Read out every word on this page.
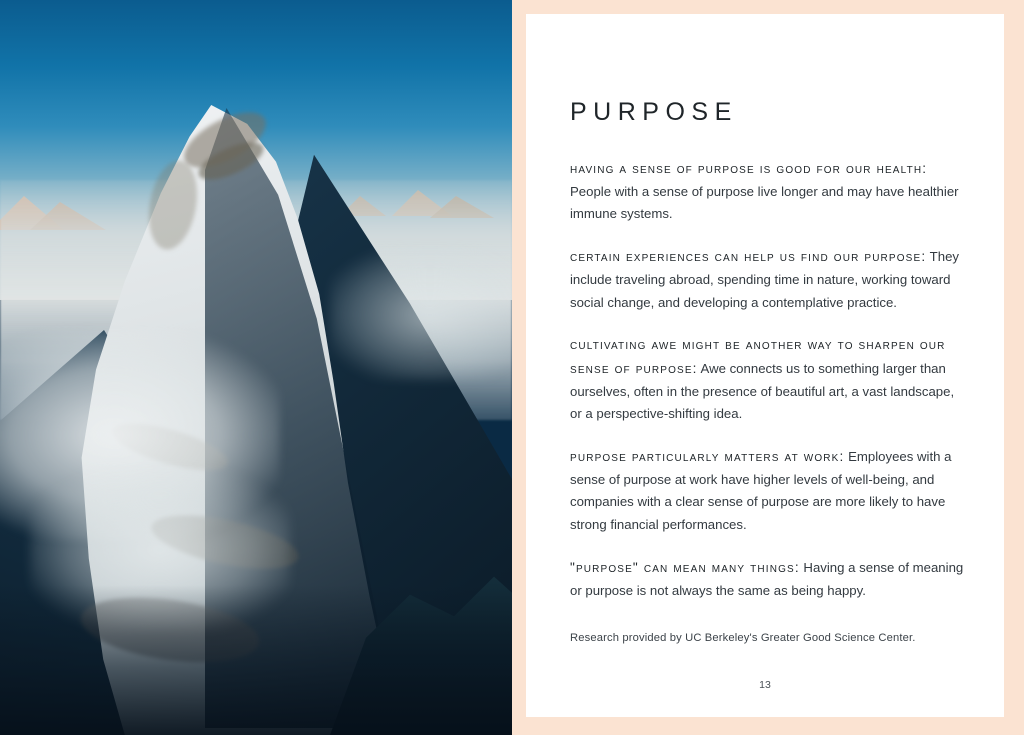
PURPOSE

having a sense of purpose is good for our health: People with a sense of purpose live longer and may have healthier immune systems.

certain experiences can help us find our purpose: They include traveling abroad, spending time in nature, working toward social change, and developing a contemplative practice.

cultivating awe might be another way to sharpen our sense of purpose: Awe connects us to something larger than ourselves, often in the presence of beautiful art, a vast landscape, or a perspective-shifting idea.

purpose particularly matters at work: Employees with a sense of purpose at work have higher levels of well-being, and companies with a clear sense of purpose are more likely to have strong financial performances.

"purpose" can mean many things: Having a sense of meaning or purpose is not always the same as being happy.

Research provided by UC Berkeley's Greater Good Science Center.

13
